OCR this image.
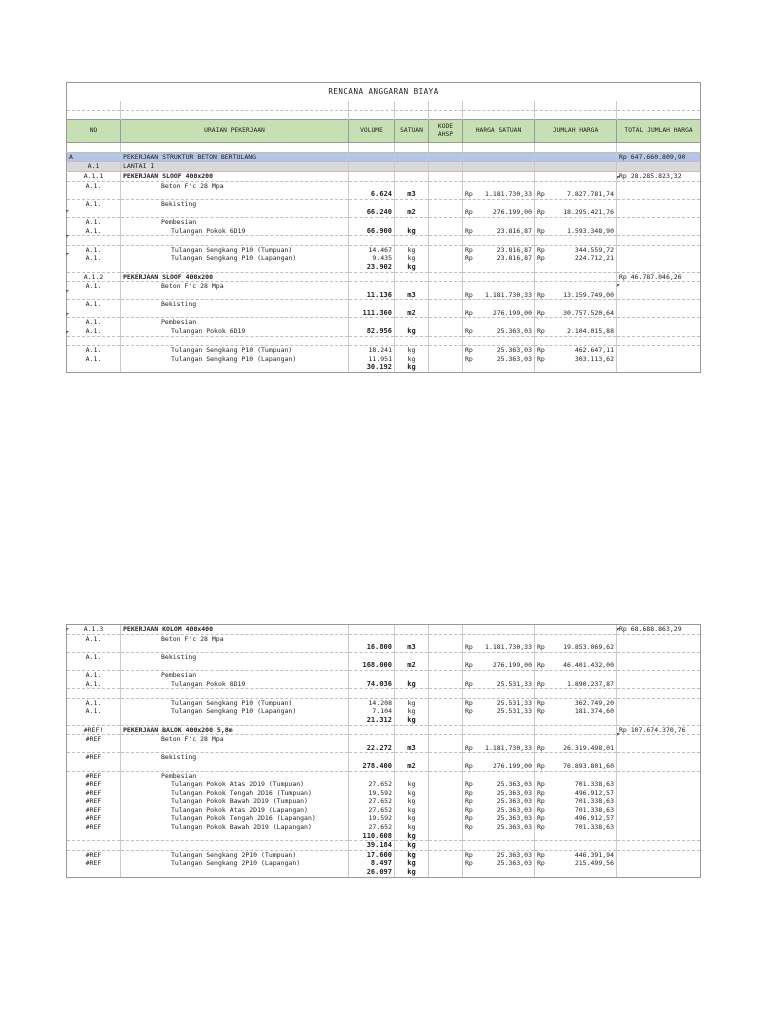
RENCANA ANGGARAN BIAYA							

NO	URAIAN PEKERJAAN	VOLUME	SATUAN	KODE AHSP	HARGA SATUAN	JUMLAH HARGA	TOTAL JUMLAH HARGA

A	PEKERJAAN STRUKTUR BETON BERTULANG						Rp 647.660.809,90
A.1	LANTAI I						
A.1.1	PEKERJAAN SLOOF 400x200						Rp 28.285.823,32
A.1.	Beton F'c 28 Mpa						
		6.624	m3		Rp 1.181.730,33	Rp 7.827.781,74	

A.1.	Bekisting						
		66.240	m2		Rp 276.199,00	Rp 18.295.421,76	

A.1.	Pembesian						
A.1.	Tulangan Pokok 6D19	66.900	kg		Rp 23.816,87	Rp 1.593.348,90	

A.1.	Tulangan Sengkang P10 (Tumpuan)	14.467	kg		Rp 23.816,87	Rp 344.559,72	

A.1.	Tulangan Sengkang P10 (Lapangan)	9.435	kg		Rp 23.816,87	Rp 224.712,21	

		23.902	kg				
A.1.2	PEKERJAAN SLOOF 400x200						Rp 46.787.046,26
A.1.	Beton F'c 28 Mpa						
		11.136	m3		Rp 1.181.730,33	Rp 13.159.749,00	

A.1.	Bekisting						
		111.360	m2		Rp 276.199,00	Rp 30.757.520,64	

A.1.	Pembesian						
A.1.	Tulangan Pokok 6D19	82.956	kg		Rp 25.363,03	Rp 2.104.015,88	

A.1.	Tulangan Sengkang P10 (Tumpuan)	18.241	kg		Rp 25.363,03	Rp 462.647,11	

A.1.	Tulangan Sengkang P10 (Lapangan)	11.951	kg		Rp 25.363,03	Rp 303.113,62	

		30.192	kg				
A.1.3	PEKERJAAN KOLOM 400x400						Rp 68.688.863,29
A.1.	Beton F'c 28 Mpa						
		16.800	m3		Rp 1.181.730,33	Rp 19.853.069,62	

A.1.	Bekisting						
		168.000	m2		Rp 276.199,00	Rp 46.401.432,00	

A.1.	Pembesian						
A.1.	Tulangan Pokok 8D19	74.036	kg		Rp 25.531,33	Rp 1.890.237,87	

A.1.	Tulangan Sengkang P10 (Tumpuan)	14.208	kg		Rp 25.531,33	Rp 362.749,20	

A.1.	Tulangan Sengkang P10 (Lapangan)	7.104	kg		Rp 25.531,33	Rp 181.374,60	

		21.312	kg				
#REF!	PEKERJAAN BALOK 400x200 5,8m						Rp 107.674.370,76
#REF	Beton F'c 28 Mpa						
		22.272	m3		Rp 1.181.730,33	Rp 26.319.498,01	

#REF	Bekisting						
		278.400	m2		Rp 276.199,00	Rp 76.893.801,60	

#REF	Pembesian						
#REF	Tulangan Pokok Atas 2D19 (Tumpuan)	27.652	kg		Rp 25.363,03	Rp 701.338,63	

#REF	Tulangan Pokok Tengah 2D16 (Tumpuan)	19.592	kg		Rp 25.363,03	Rp 496.912,57	

#REF	Tulangan Pokok Bawah 2D19 (Tumpuan)	27.652	kg		Rp 25.363,03	Rp 701.338,63	

#REF	Tulangan Pokok Atas 2D19 (Lapangan)	27.652	kg		Rp 25.363,03	Rp 701.338,63	

#REF	Tulangan Pokok Tengah 2D16 (Lapangan)	19.592	kg		Rp 25.363,03	Rp 496.912,57	

#REF	Tulangan Pokok Bawah 2D19 (Lapangan)	27.652	kg		Rp 25.363,03	Rp 701.338,63	

		110.608	kg				
		39.184	kg				
#REF	Tulangan Sengkang 2P10 (Tumpuan)	17.600	kg		Rp 25.363,03	Rp 446.391,94	

#REF	Tulangan Sengkang 2P10 (Lapangan)	8.497	kg		Rp 25.363,03	Rp 215.499,56	

		26.097	kg				
